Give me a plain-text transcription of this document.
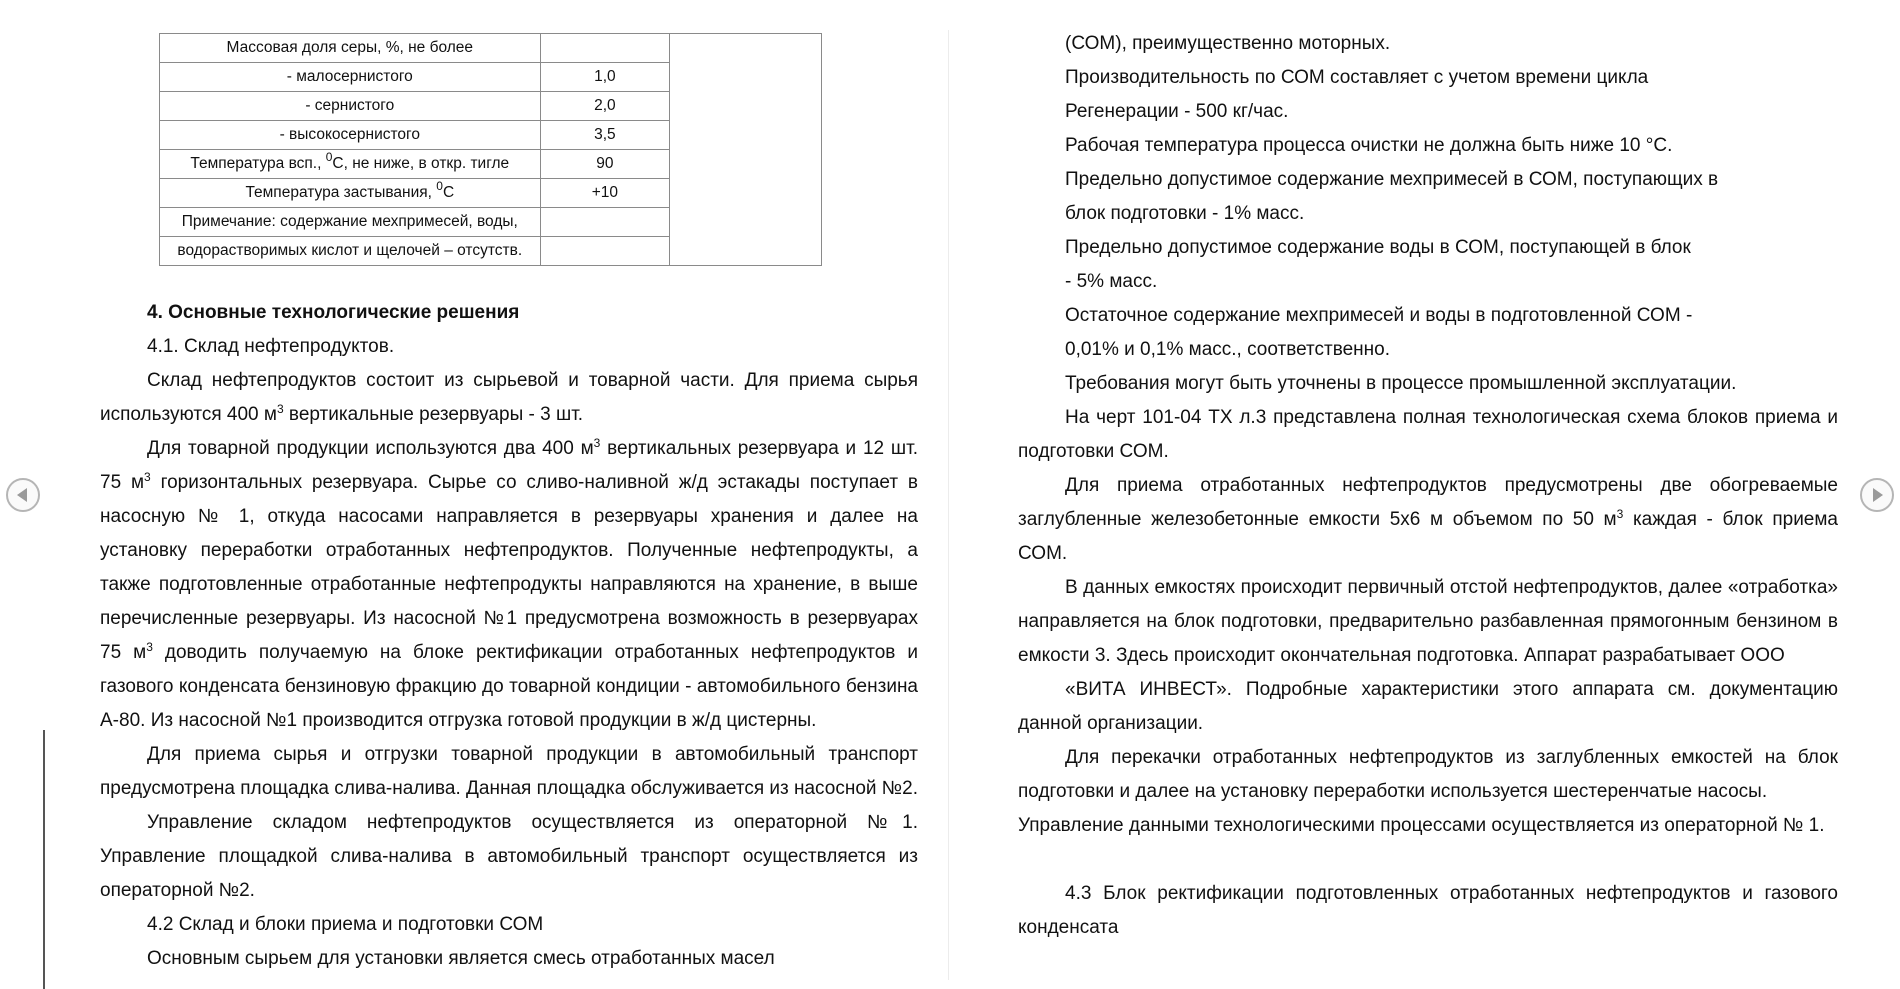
Массовая доля серы, %, не более		
- малосернистого	1,0	
- сернистого	2,0	
- высокосернистого	3,5	
Температура всп., $^0$С, не ниже, в откр. тигле	90	
Температура застывания, $^0$С	+10	
Примечание: содержание мехпримесей, воды,		
водорастворимых кислот и щелочей – отсутств.		
4. Основные технологические решения

4.1. Склад нефтепродуктов.

Склад нефтепродуктов состоит из сырьевой и товарной части. Для приема сырья используются 400 $м^3$ вертикальные резервуары - 3 шт.

Для товарной продукции используются два 400 $м^3$ вертикальных резервуара и 12 шт. 75 $м^3$ горизонтальных резервуара. Сырье со сливо-наливной ж/д эстакады поступает в насосную № 1, откуда насосами направляется в резервуары хранения и далее на установку переработки отработанных нефтепродуктов. Полученные нефтепродукты, а также подготовленные отработанные нефтепродукты направляются на хранение, в выше перечисленные резервуары. Из насосной №1 предусмотрена возможность в резервуарах 75 $м^3$ доводить получаемую на блоке ректификации отработанных нефтепродуктов и газового конденсата бензиновую фракцию до товарной кондиции - автомобильного бензина А-80. Из насосной №1 производится отгрузка готовой продукции в ж/д цистерны.

Для приема сырья и отгрузки товарной продукции в автомобильный транспорт предусмотрена площадка слива-налива. Данная площадка обслуживается из насосной №2.

Управление складом нефтепродуктов осуществляется из операторной №1. Управление площадкой слива-налива в автомобильный транспорт осуществляется из операторной №2.

4.2 Склад и блоки приема и подготовки СОМ

Основным сырьем для установки является смесь отработанных масел

(СОМ), преимущественно моторных.

Производительность по СОМ составляет с учетом времени цикла

Регенерации - 500 кг/час.

Рабочая температура процесса очистки не должна быть ниже 10 °С.

Предельно допустимое содержание мехпримесей в СОМ, поступающих в

блок подготовки - 1% масс.

Предельно допустимое содержание воды в СОМ, поступающей в блок

- 5% масс.

Остаточное содержание мехпримесей и воды в подготовленной СОМ -

0,01% и 0,1% масс., соответственно.

Требования могут быть уточнены в процессе промышленной эксплуатации.

На черт 101-04 ТХ л.3 представлена полная технологическая схема блоков приема и подготовки СОМ.

Для приема отработанных нефтепродуктов предусмотрены две обогреваемые заглубленные железобетонные емкости 5х6 м объемом по 50 $м^3$ каждая - блок приема СОМ.

В данных емкостях происходит первичный отстой нефтепродуктов, далее «отработка» направляется на блок подготовки, предварительно разбавленная прямогонным бензином в емкости 3. Здесь происходит окончательная подготовка. Аппарат разрабатывает ООО

«ВИТА ИНВЕСТ». Подробные характеристики этого аппарата см. документацию данной организации.

Для перекачки отработанных нефтепродуктов из заглубленных емкостей на блок подготовки и далее на установку переработки используется шестеренчатые насосы.

Управление данными технологическими процессами осуществляется из операторной № 1.

4.3 Блок ректификации подготовленных отработанных нефтепродуктов и газового конденсата
